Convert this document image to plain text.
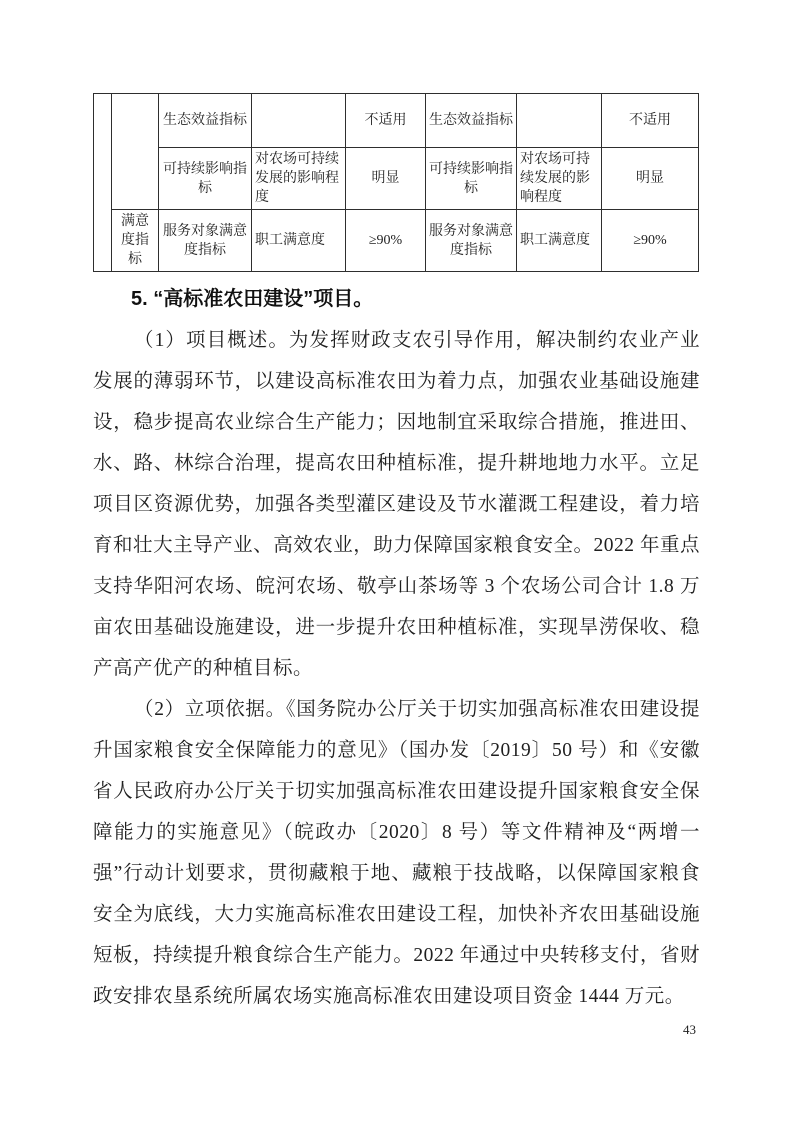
		生态效益指标		不适用	生态效益指标		不适用
		可持续影响指标	对农场可持续发展的影响程度	明显	可持续影响指标	对农场可持续发展的影响程度	明显
	满意度指标	服务对象满意度指标	职工满意度	≥90%	服务对象满意度指标	职工满意度	≥90%
5. “高标准农田建设”项目。

（1）项目概述。为发挥财政支农引导作用，解决制约农业产业发展的薄弱环节，以建设高标准农田为着力点，加强农业基础设施建设，稳步提高农业综合生产能力；因地制宜采取综合措施，推进田、水、路、林综合治理，提高农田种植标准，提升耕地地力水平。立足项目区资源优势，加强各类型灌区建设及节水灌溉工程建设，着力培育和壮大主导产业、高效农业，助力保障国家粮食安全。2022 年重点支持华阳河农场、皖河农场、敬亭山茶场等 3 个农场公司合计 1.8 万亩农田基础设施建设，进一步提升农田种植标准，实现旱涝保收、稳产高产优产的种植目标。

（2）立项依据。《国务院办公厅关于切实加强高标准农田建设提升国家粮食安全保障能力的意见》（国办发〔2019〕50 号）和《安徽省人民政府办公厅关于切实加强高标准农田建设提升国家粮食安全保障能力的实施意见》（皖政办〔2020〕8 号）等文件精神及“两增一强”行动计划要求，贯彻藏粮于地、藏粮于技战略，以保障国家粮食安全为底线，大力实施高标准农田建设工程，加快补齐农田基础设施短板，持续提升粮食综合生产能力。2022 年通过中央转移支付，省财政安排农垦系统所属农场实施高标准农田建设项目资金 1444 万元。

43
